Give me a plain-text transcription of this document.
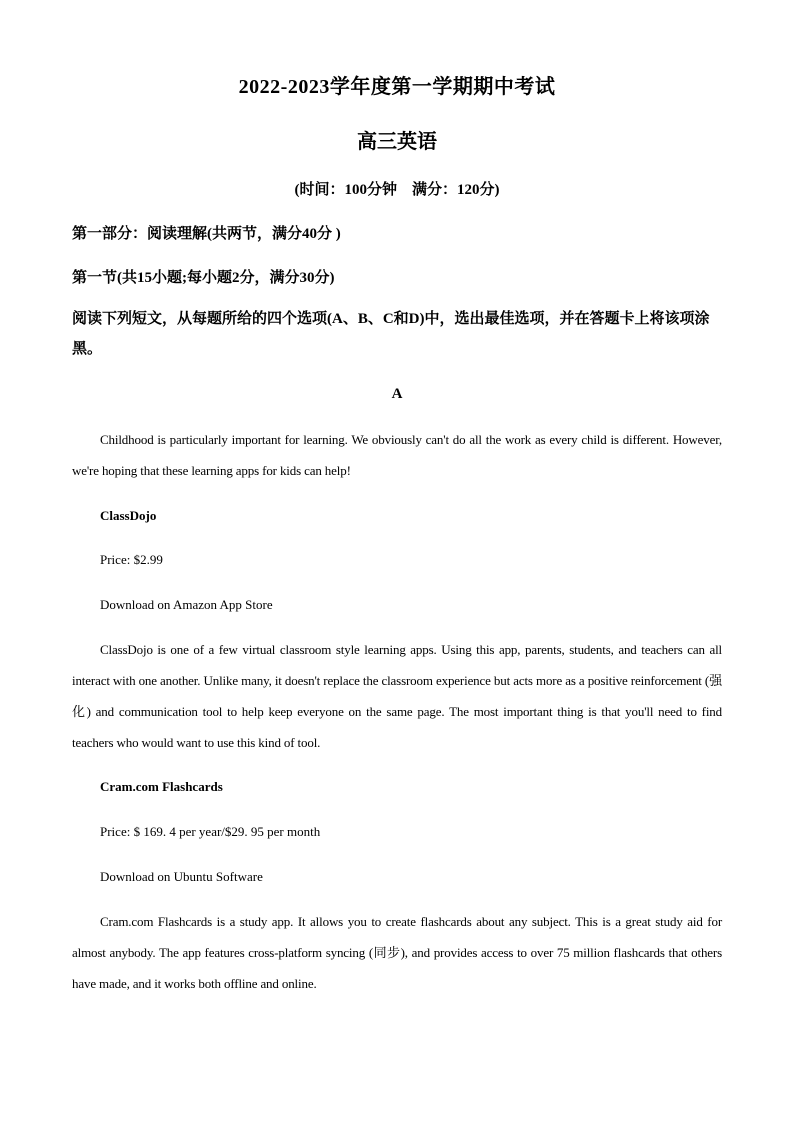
2022-2023学年度第一学期期中考试
高三英语
(时间：100分钟　满分：120分)
第一部分：阅读理解(共两节，满分40分 )
第一节(共15小题;每小题2分，满分30分)
阅读下列短文，从每题所给的四个选项(A、B、C和D)中，选出最佳选项，并在答题卡上将该项涂黑。
A
Childhood is particularly important for learning. We obviously can't do all the work as every child is different. However, we're hoping that these learning apps for kids can help!
ClassDojo
Price: $2.99
Download on Amazon App Store
ClassDojo is one of a few virtual classroom style learning apps. Using this app, parents, students, and teachers can all interact with one another. Unlike many, it doesn't replace the classroom experience but acts more as a positive reinforcement (强化) and communication tool to help keep everyone on the same page. The most important thing is that you'll need to find teachers who would want to use this kind of tool.
Cram.com Flashcards
Price: $ 169. 4 per year/$29. 95 per month
Download on Ubuntu Software
Cram.com Flashcards is a study app. It allows you to create flashcards about any subject. This is a great study aid for almost anybody. The app features cross-platform syncing (同步), and provides access to over 75 million flashcards that others have made, and it works both offline and online.
